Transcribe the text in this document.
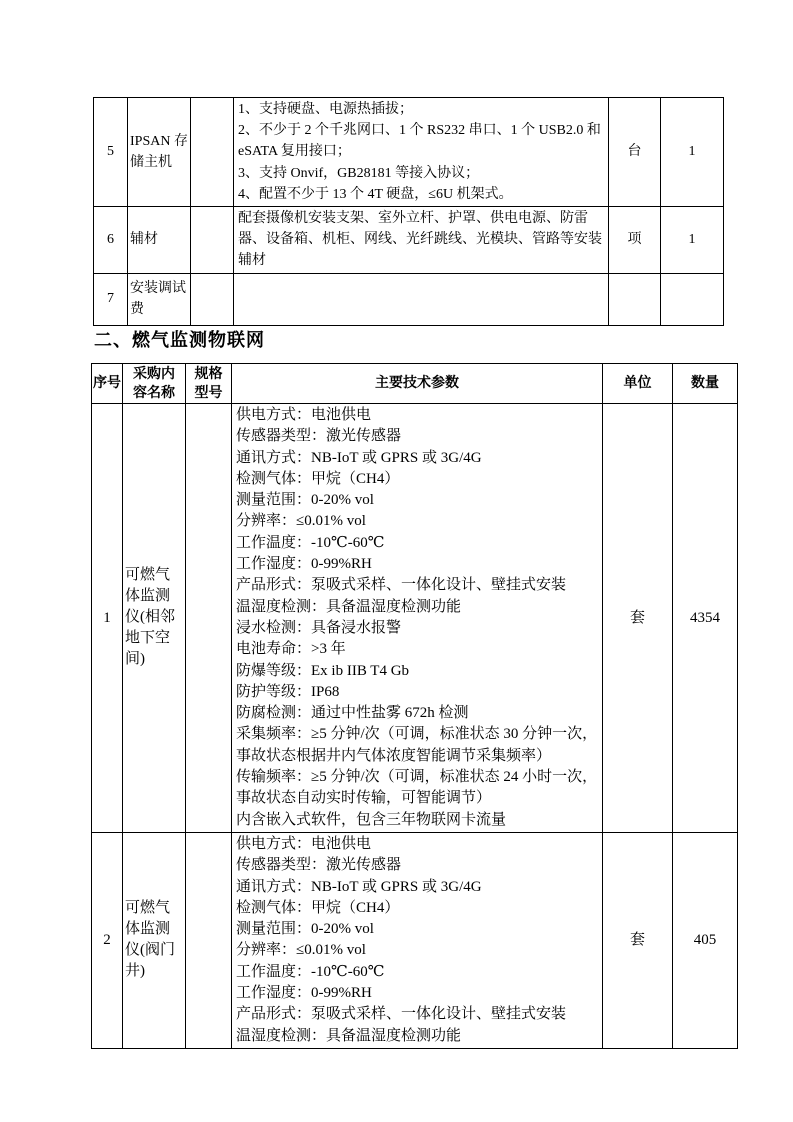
5	IPSAN 存储主机		1、支持硬盘、电源热插拔；
2、不少于 2 个千兆网口、1 个 RS232 串口、1 个 USB2.0 和 eSATA 复用接口；
3、支持 Onvif，GB28181 等接入协议；
4、配置不少于 13 个 4T 硬盘，≤6U 机架式。	台	1
6	辅材		配套摄像机安装支架、室外立杆、护罩、供电电源、防雷器、设备箱、机柜、网线、光纤跳线、光模块、管路等安装辅材	项	1
7	安装调试费				
二、燃气监测物联网
序号	采购内容名称	规格型号	主要技术参数	单位	数量
1	可燃气体监测仪(相邻地下空间)		
供电方式：电池供电
传感器类型：激光传感器
通讯方式：NB-IoT 或 GPRS 或 3G/4G
检测气体：甲烷（CH4）
测量范围：0-20% vol
分辨率：≤0.01% vol
工作温度：-10℃-60℃
工作湿度：0-99%RH
产品形式：泵吸式采样、一体化设计、壁挂式安装
温湿度检测：具备温湿度检测功能
浸水检测：具备浸水报警
电池寿命：>3 年
防爆等级：Ex ib IIB T4 Gb
防护等级：IP68
防腐检测：通过中性盐雾 672h 检测
采集频率：≥5 分钟/次（可调，标准状态 30 分钟一次，事故状态根据井内气体浓度智能调节采集频率）
传输频率：≥5 分钟/次（可调，标准状态 24 小时一次，事故状态自动实时传输，可智能调节）
内含嵌入式软件，包含三年物联网卡流量
	套	4354
2	可燃气体监测仪(阀门井)		
供电方式：电池供电
传感器类型：激光传感器
通讯方式：NB-IoT 或 GPRS 或 3G/4G
检测气体：甲烷（CH4）
测量范围：0-20% vol
分辨率：≤0.01% vol
工作温度：-10℃-60℃
工作湿度：0-99%RH
产品形式：泵吸式采样、一体化设计、壁挂式安装
温湿度检测：具备温湿度检测功能
	套	405
